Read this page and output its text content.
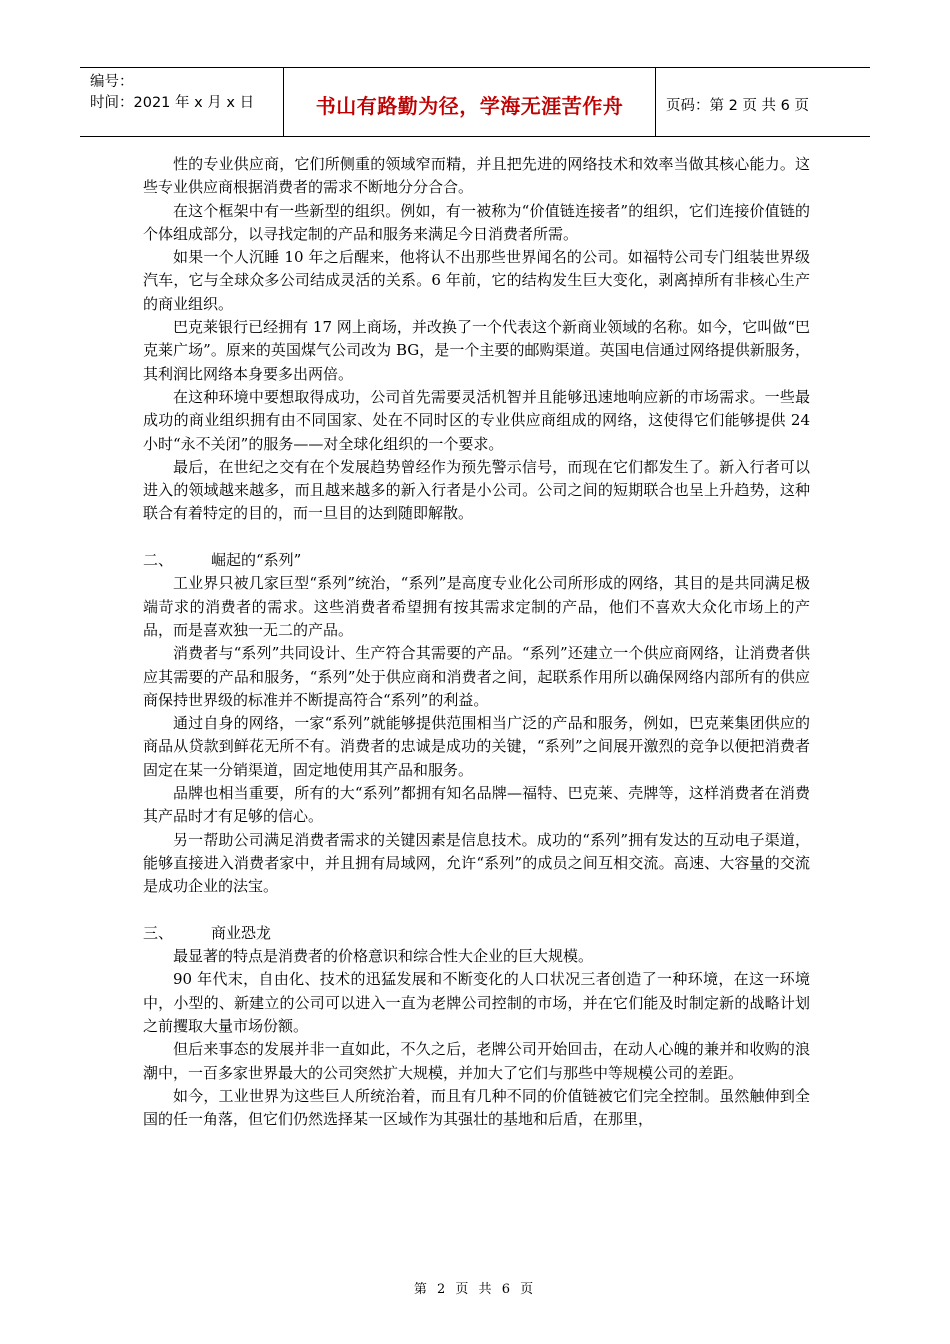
编号：
时间：2021 年 x 月 x 日	书山有路勤为径，学海无涯苦作舟	页码：第 2 页 共 6 页

性的专业供应商，它们所侧重的领域窄而精，并且把先进的网络技术和效率当做其核心能力。这些专业供应商根据消费者的需求不断地分分合合。

在这个框架中有一些新型的组织。例如，有一被称为“价值链连接者”的组织，它们连接价值链的个体组成部分，以寻找定制的产品和服务来满足今日消费者所需。

如果一个人沉睡 10 年之后醒来，他将认不出那些世界闻名的公司。如福特公司专门组装世界级汽车，它与全球众多公司结成灵活的关系。6 年前，它的结构发生巨大变化，剥离掉所有非核心生产的商业组织。

巴克莱银行已经拥有 17 网上商场，并改换了一个代表这个新商业领域的名称。如今，它叫做“巴克莱广场”。原来的英国煤气公司改为 BG，是一个主要的邮购渠道。英国电信通过网络提供新服务，其利润比网络本身要多出两倍。

在这种环境中要想取得成功，公司首先需要灵活机智并且能够迅速地响应新的市场需求。一些最成功的商业组织拥有由不同国家、处在不同时区的专业供应商组成的网络，这使得它们能够提供 24 小时“永不关闭”的服务——对全球化组织的一个要求。

最后，在世纪之交有在个发展趋势曾经作为预先警示信号，而现在它们都发生了。新入行者可以进入的领域越来越多，而且越来越多的新入行者是小公司。公司之间的短期联合也呈上升趋势，这种联合有着特定的目的，而一旦目的达到随即解散。

二、	崛起的“系列”

工业界只被几家巨型“系列”统治，“系列”是高度专业化公司所形成的网络，其目的是共同满足极端苛求的消费者的需求。这些消费者希望拥有按其需求定制的产品，他们不喜欢大众化市场上的产品，而是喜欢独一无二的产品。

消费者与“系列”共同设计、生产符合其需要的产品。“系列”还建立一个供应商网络，让消费者供应其需要的产品和服务，“系列”处于供应商和消费者之间，起联系作用所以确保网络内部所有的供应商保持世界级的标准并不断提高符合“系列”的利益。

通过自身的网络，一家“系列”就能够提供范围相当广泛的产品和服务，例如，巴克莱集团供应的商品从贷款到鲜花无所不有。消费者的忠诚是成功的关键，“系列”之间展开激烈的竞争以便把消费者固定在某一分销渠道，固定地使用其产品和服务。

品牌也相当重要，所有的大“系列”都拥有知名品牌—福特、巴克莱、壳牌等，这样消费者在消费其产品时才有足够的信心。

另一帮助公司满足消费者需求的关键因素是信息技术。成功的“系列”拥有发达的互动电子渠道，能够直接进入消费者家中，并且拥有局域网，允许“系列”的成员之间互相交流。高速、大容量的交流是成功企业的法宝。

三、	商业恐龙

最显著的特点是消费者的价格意识和综合性大企业的巨大规模。

90 年代末，自由化、技术的迅猛发展和不断变化的人口状况三者创造了一种环境，在这一环境中，小型的、新建立的公司可以进入一直为老牌公司控制的市场，并在它们能及时制定新的战略计划之前攫取大量市场份额。

但后来事态的发展并非一直如此，不久之后，老牌公司开始回击，在动人心魄的兼并和收购的浪潮中，一百多家世界最大的公司突然扩大规模，并加大了它们与那些中等规模公司的差距。

如今，工业世界为这些巨人所统治着，而且有几种不同的价值链被它们完全控制。虽然触伸到全国的任一角落，但它们仍然选择某一区域作为其强壮的基地和后盾，在那里，

第 2 页 共 6 页
